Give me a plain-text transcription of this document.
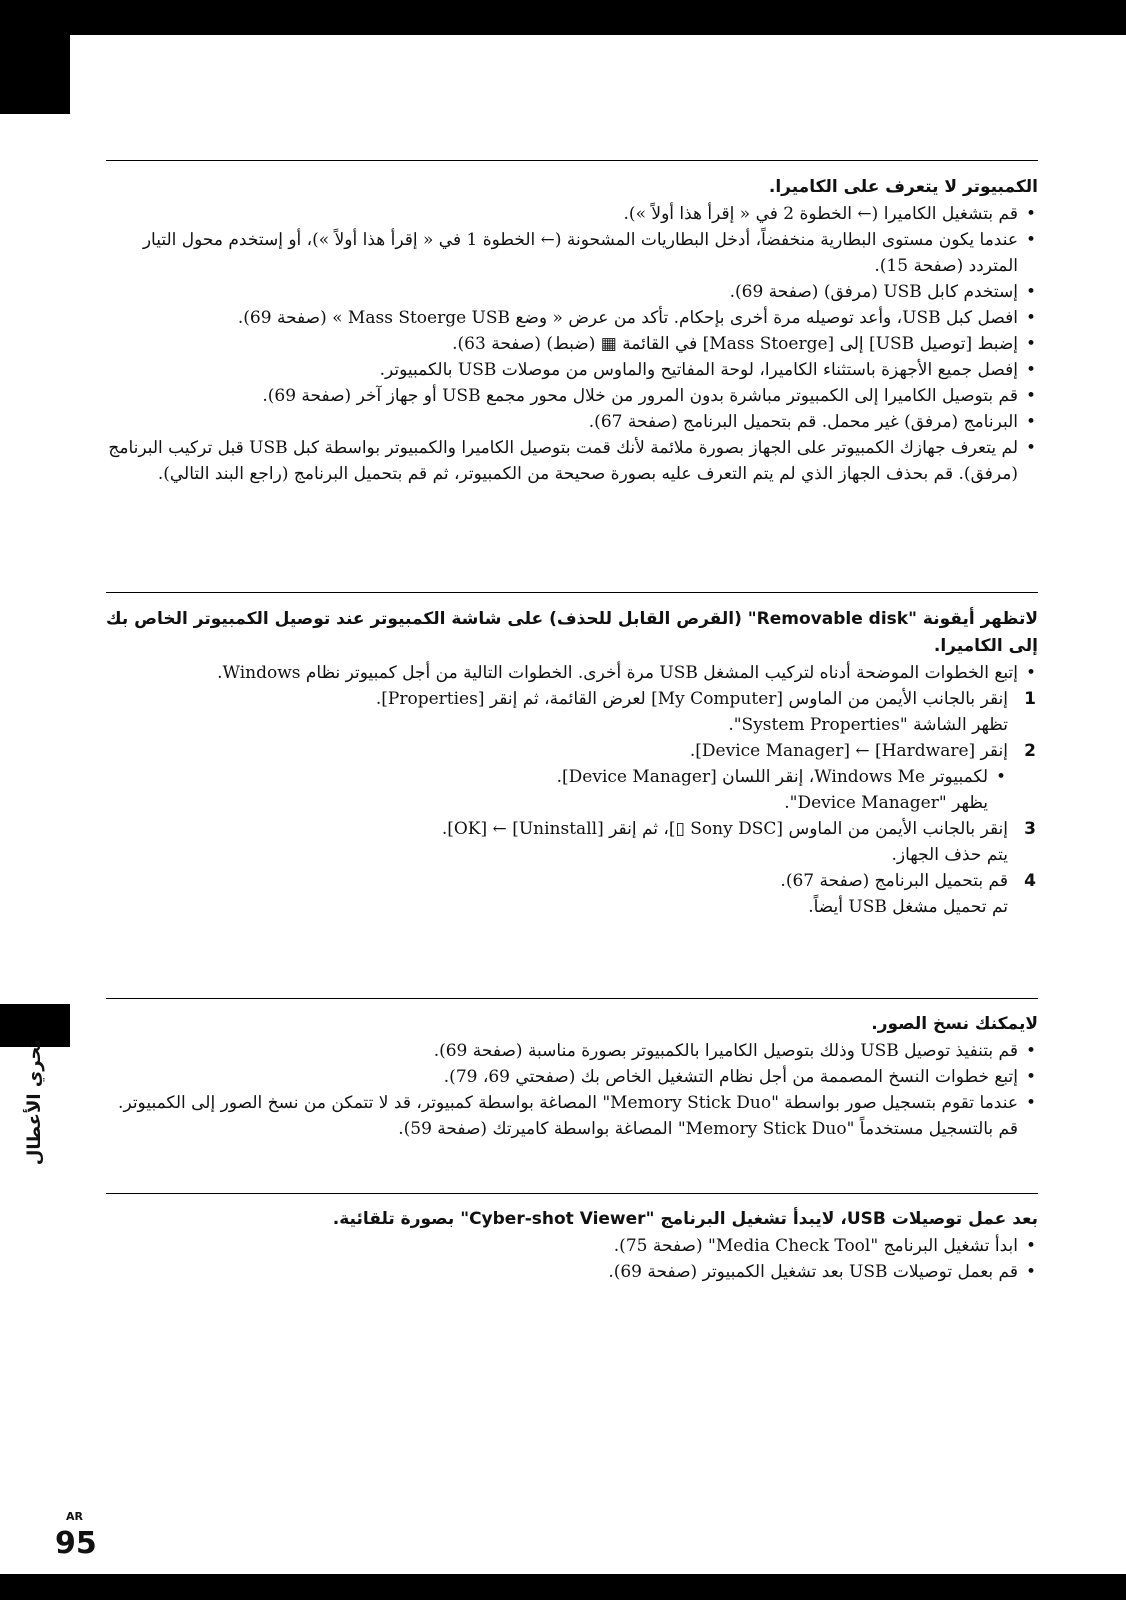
تحري الأعطال

الكمبيوتر لا يتعرف على الكاميرا.

• قم بتشغيل الكاميرا (← الخطوة 2 في « إقرأ هذا أولاً »).
• عندما يكون مستوى البطارية منخفضاً، أدخل البطاريات المشحونة (← الخطوة 1 في « إقرأ هذا أولاً »)، أو إستخدم محول التيار المتردد (صفحة 15).
• إستخدم كابل USB (مرفق) (صفحة 69).
• افصل كبل USB، وأعد توصيله مرة أخرى بإحكام. تأكد من عرض « وضع Mass Stoerge USB » (صفحة 69).
• إضبط [توصيل USB] إلى [Mass Stoerge] في القائمة ▦ (ضبط) (صفحة 63).
• إفصل جميع الأجهزة باستثناء الكاميرا، لوحة المفاتيح والماوس من موصلات USB بالكمبيوتر.
• قم بتوصيل الكاميرا إلى الكمبيوتر مباشرة بدون المرور من خلال محور مجمع USB أو جهاز آخر (صفحة 69).
• البرنامج (مرفق) غير محمل. قم بتحميل البرنامج (صفحة 67).
• لم يتعرف جهازك الكمبيوتر على الجهاز بصورة ملائمة لأنك قمت بتوصيل الكاميرا والكمبيوتر بواسطة كبل USB قبل تركيب البرنامج (مرفق). قم بحذف الجهاز الذي لم يتم التعرف عليه بصورة صحيحة من الكمبيوتر، ثم قم بتحميل البرنامج (راجع البند التالي).

لاتظهر أيقونة "Removable disk" (القرص القابل للحذف) على شاشة الكمبيوتر عند توصيل الكمبيوتر الخاص بك إلى الكاميرا.

• إتبع الخطوات الموضحة أدناه لتركيب المشغل USB مرة أخرى. الخطوات التالية من أجل كمبيوتر نظام Windows.
1
إنقر بالجانب الأيمن من الماوس [My Computer] لعرض القائمة، ثم إنقر [Properties].
تظهر الشاشة "System Properties".
2
إنقر [Hardware] ← [Device Manager].
• لكمبيوتر Windows Me، إنقر اللسان [Device Manager].
يظهر "Device Manager".
3
إنقر بالجانب الأيمن من الماوس [Sony DSC ▯]، ثم إنقر [Uninstall] ← [OK].
يتم حذف الجهاز.
4
قم بتحميل البرنامج (صفحة 67).
تم تحميل مشغل USB أيضاً.

لايمكنك نسخ الصور.

• قم بتنفيذ توصيل USB وذلك بتوصيل الكاميرا بالكمبيوتر بصورة مناسبة (صفحة 69).
• إتبع خطوات النسخ المصممة من أجل نظام التشغيل الخاص بك (صفحتي 69، 79).
• عندما تقوم بتسجيل صور بواسطة "Memory Stick Duo" المصاغة بواسطة كمبيوتر، قد لا تتمكن من نسخ الصور إلى الكمبيوتر. قم بالتسجيل مستخدماً "Memory Stick Duo" المصاغة بواسطة كاميرتك (صفحة 59).

بعد عمل توصيلات USB، لايبدأ تشغيل البرنامج "Cyber-shot Viewer" بصورة تلقائية.

• ابدأ تشغيل البرنامج "Media Check Tool" (صفحة 75).
• قم بعمل توصيلات USB بعد تشغيل الكمبيوتر (صفحة 69).
AR
95
